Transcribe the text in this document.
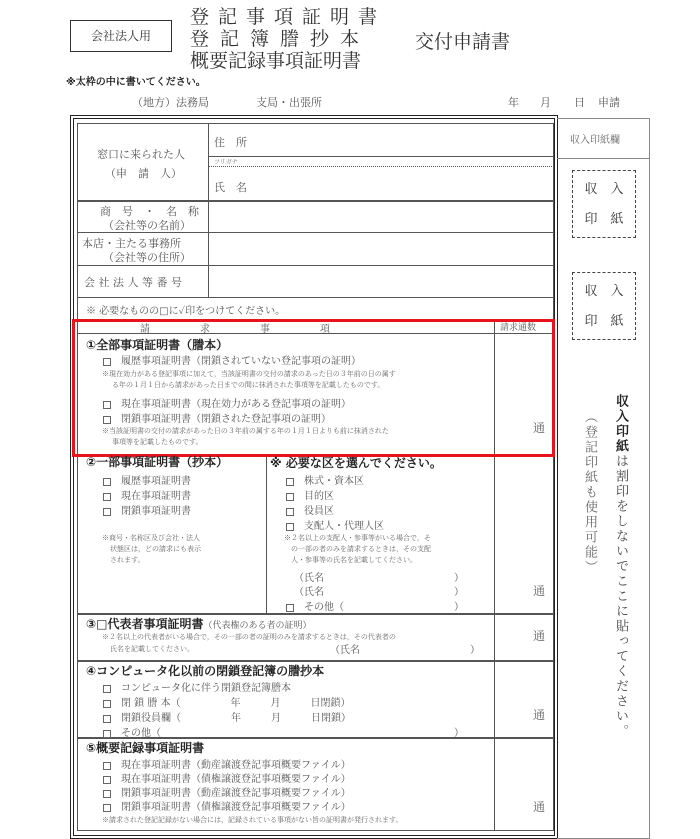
会社法人用
登記事項証明書
登記簿謄抄本
概要記録事項証明書
交付申請書
※太枠の中に書いてください。
（地方）法務局	支局・出張所	年 月 日 申請
窓口に来られた人
（申　請　人）
住　所
フリガナ
氏　名
商　号　・　名　称
（会社等の名前）
本店・主たる事務所
（会社等の住所）
会 社 法 人 等 番 号
※ 必要なものの□に✓印をつけてください。
請　　　　　求　　　　　事　　　　　項	請求通数
①全部事項証明書（謄本）
履歴事項証明書（閉鎖されていない登記事項の証明）
※現在効力がある登記事項に加えて，当該証明書の交付の請求のあった日の３年前の日の属す
る年の１月１日から請求があった日までの間に抹消された事項等を記載したものです。
現在事項証明書（現在効力がある登記事項の証明）
閉鎖事項証明書（閉鎖された登記事項の証明）
※当該証明書の交付の請求があった日の３年前の属する年の１月１日よりも前に抹消された
事項等を記載したものです。
通
②一部事項証明書（抄本）
履歴事項証明書
現在事項証明書
閉鎖事項証明書
※商号・名称区及び会社・法人
状態区は，どの請求にも表示
されます。
※ 必要な区を選んでください。
株式・資本区
目的区
役員区
支配人・代理人区
※２名以上の支配人・参事等がいる場合で，そ
の一部の者のみを請求するときは，その支配
人・参事等の氏名を記載してください。
（氏名	）
（氏名	）
その他（	）
通
③□代表者事項証明書（代表権のある者の証明）
※２名以上の代表者がいる場合で，その一部の者の証明のみを請求するときは，その代表者の
氏名を記載してください。	（氏名	）
通
④コンピュータ化以前の閉鎖登記簿の謄抄本
コンピュータ化に伴う閉鎖登記簿謄本
閉 鎖 謄 本（　　　　　年　　　月　　　日閉鎖）
閉鎖役員欄（　　　　　年　　　月　　　日閉鎖）
その他（	）
通
⑤概要記録事項証明書
現在事項証明書（動産譲渡登記事項概要ファイル）
現在事項証明書（債権譲渡登記事項概要ファイル）
閉鎖事項証明書（動産譲渡登記事項概要ファイル）
閉鎖事項証明書（債権譲渡登記事項概要ファイル）
※請求された登記記録がない場合には，記録されている事項がない旨の証明書が発行されます。
通
収入印紙欄
収　入
印　紙
収　入
印　紙
収入印紙は割印をしないでここに貼ってください。
（登記印紙も使用可能）
